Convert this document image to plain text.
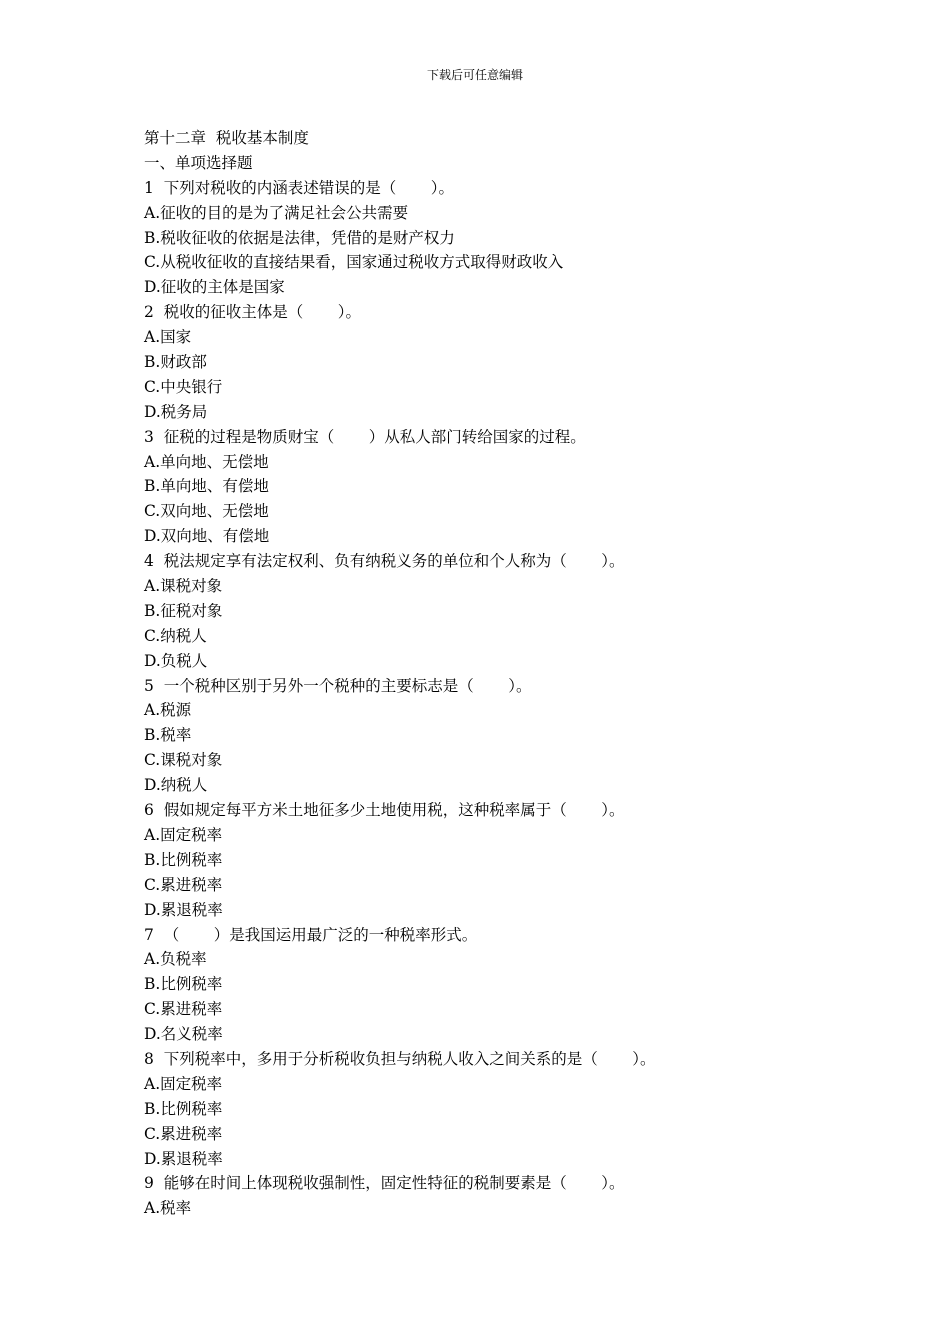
下载后可任意编辑
第十二章  税收基本制度
一、单项选择题
1  下列对税收的内涵表述错误的是（       ）。
A.征收的目的是为了满足社会公共需要
B.税收征收的依据是法律，凭借的是财产权力
C.从税收征收的直接结果看，国家通过税收方式取得财政收入
D.征收的主体是国家
2  税收的征收主体是（       ）。
A.国家
B.财政部
C.中央银行
D.税务局
3  征税的过程是物质财宝（       ）从私人部门转给国家的过程。
A.单向地、无偿地
B.单向地、有偿地
C.双向地、无偿地
D.双向地、有偿地
4  税法规定享有法定权利、负有纳税义务的单位和个人称为（       ）。
A.课税对象
B.征税对象
C.纳税人
D.负税人
5  一个税种区别于另外一个税种的主要标志是（       ）。
A.税源
B.税率
C.课税对象
D.纳税人
6  假如规定每平方米土地征多少土地使用税，这种税率属于（       ）。
A.固定税率
B.比例税率
C.累进税率
D.累退税率
7  （       ）是我国运用最广泛的一种税率形式。
A.负税率
B.比例税率
C.累进税率
D.名义税率
8  下列税率中，多用于分析税收负担与纳税人收入之间关系的是（       ）。
A.固定税率
B.比例税率
C.累进税率
D.累退税率
9  能够在时间上体现税收强制性，固定性特征的税制要素是（       ）。
A.税率
